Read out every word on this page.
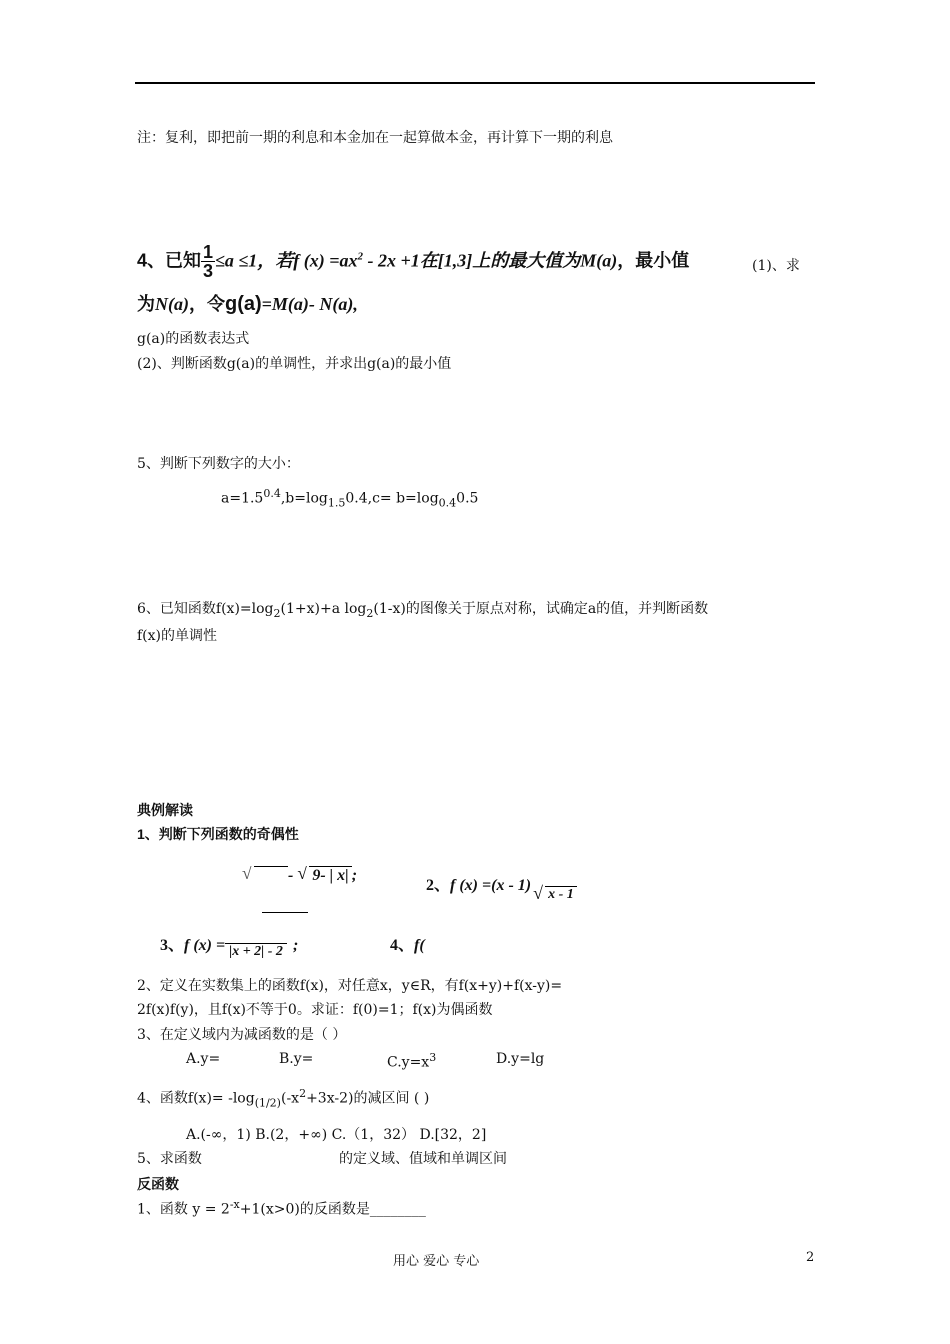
注：复利，即把前一期的利息和本金加在一起算做本金，再计算下一期的利息
4、已知 $\frac{1}{3} \le a \le 1$，若f $(x) =ax^2 - 2x +1$在[1,3]上的最大值为M(a)，最小值	(1)、求
为N(a)，令g(a)=M(a)- N(a),
g(a)的函数表达式
(2)、判断函数g(a)的单调性，并求出g(a)的最小值
5、判断下列数字的大小：
$a=1.5^{0.4},b=\log_{1.5}0.4,c= b=\log_{0.4}0.5$
6、已知函数$f(x)=\log_2(1+x)+a$ $\log_2(1-x)$的图像关于原点对称，试确定a的值，并判断函数
f(x)的单调性
典例解读
1、判断下列函数的奇偶性
√        - √ 9- | x| ;
2、f (x) =(x - 1)√ x - 1
3、f (x) = |x + 2| - 2 ;	4、f(
2、定义在实数集上的函数f(x)，对任意x，y∈R，有f(x+y)+f(x-y)=
2f(x)f(y)，且f(x)不等于0。求证：f(0)=1；f(x)为偶函数
3、在定义域内为减函数的是（ ）
A.y=	B.y=	$C.y=x^3$	D.y=lg
4、函数$f(x)= -\log_{(1/2)}(-x^2+3x-2)$的减区间 ( )
A.(-∞，1) B.(2，+∞) C.（1，32） D.[32，2]
5、求函数	的定义域、值域和单调区间
反函数
1、函数 $y = 2^{-x}+1(x>0)$的反函数是________
用心 爱心 专心	2
